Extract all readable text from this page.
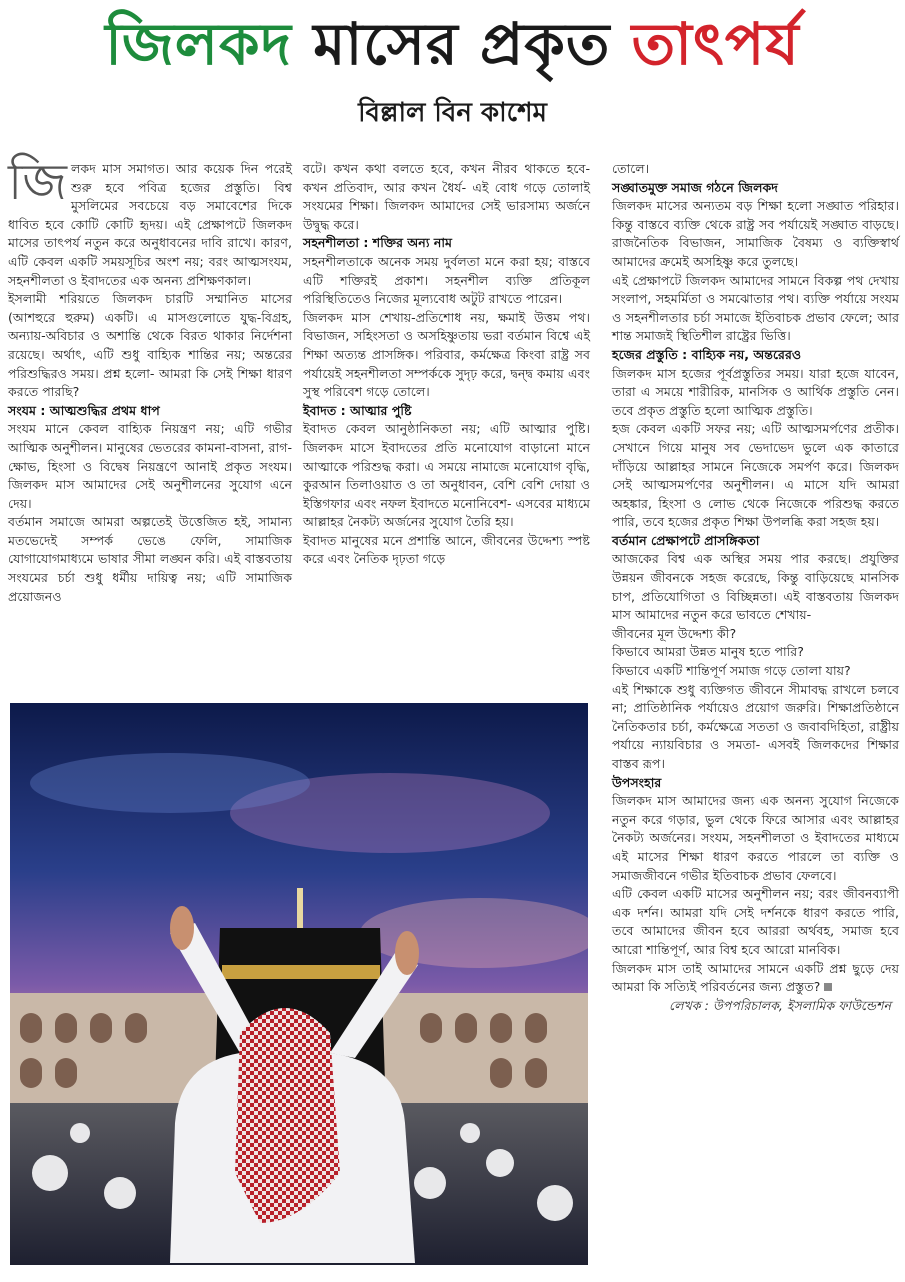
জিলকদ মাসের প্রকৃত তাৎপর্য
বিল্লাল বিন কাশেম

জিলকদ মাস সমাগত। আর কয়েক দিন পরেই শুরু হবে পবিত্র হজের প্রস্তুতি। বিশ্ব মুসলিমের সবচেয়ে বড় সমাবেশের দিকে ধাবিত হবে কোটি কোটি হৃদয়। এই প্রেক্ষাপটে জিলকদ মাসের তাৎপর্য নতুন করে অনুধাবনের দাবি রাখে। কারণ, এটি কেবল একটি সময়সূচির অংশ নয়; বরং আত্মসংযম, সহনশীলতা ও ইবাদতের এক অনন্য প্রশিক্ষণকাল।

ইসলামী শরিয়তে জিলকদ চারটি সম্মানিত মাসের (আশহুরে হুরুম) একটি। এ মাসগুলোতে যুদ্ধ-বিগ্রহ, অন্যায়-অবিচার ও অশান্তি থেকে বিরত থাকার নির্দেশনা রয়েছে। অর্থাৎ, এটি শুধু বাহ্যিক শান্তির নয়; অন্তরের পরিশুদ্ধিরও সময়। প্রশ্ন হলো- আমরা কি সেই শিক্ষা ধারণ করতে পারছি?

সংযম : আত্মশুদ্ধির প্রথম ধাপ

সংযম মানে কেবল বাহ্যিক নিয়ন্ত্রণ নয়; এটি গভীর আত্মিক অনুশীলন। মানুষের ভেতরের কামনা-বাসনা, রাগ-ক্ষোভ, হিংসা ও বিদ্বেষ নিয়ন্ত্রণে আনাই প্রকৃত সংযম। জিলকদ মাস আমাদের সেই অনুশীলনের সুযোগ এনে দেয়।

বর্তমান সমাজে আমরা অল্পতেই উত্তেজিত হই, সামান্য মতভেদেই সম্পর্ক ভেঙে ফেলি, সামাজিক যোগাযোগমাধ্যমে ভাষার সীমা লঙ্ঘন করি। এই বাস্তবতায় সংযমের চর্চা শুধু ধর্মীয় দায়িত্ব নয়; এটি সামাজিক প্রয়োজনও

বটে। কখন কথা বলতে হবে, কখন নীরব থাকতে হবে- কখন প্রতিবাদ, আর কখন ধৈর্য- এই বোধ গড়ে তোলাই সংযমের শিক্ষা। জিলকদ আমাদের সেই ভারসাম্য অর্জনে উদ্বুদ্ধ করে।

সহনশীলতা : শক্তির অন্য নাম

সহনশীলতাকে অনেক সময় দুর্বলতা মনে করা হয়; বাস্তবে এটি শক্তিরই প্রকাশ। সহনশীল ব্যক্তি প্রতিকূল পরিস্থিতিতেও নিজের মূল্যবোধ অটুট রাখতে পারেন।

জিলকদ মাস শেখায়-প্রতিশোধ নয়, ক্ষমাই উত্তম পথ। বিভাজন, সহিংসতা ও অসহিষ্ণুতায় ভরা বর্তমান বিশ্বে এই শিক্ষা অত্যন্ত প্রাসঙ্গিক। পরিবার, কর্মক্ষেত্র কিংবা রাষ্ট্র সব পর্যায়েই সহনশীলতা সম্পর্ককে সুদৃঢ় করে, দ্বন্দ্ব কমায় এবং সুস্থ পরিবেশ গড়ে তোলে।

ইবাদত : আত্মার পুষ্টি

ইবাদত কেবল আনুষ্ঠানিকতা নয়; এটি আত্মার পুষ্টি। জিলকদ মাসে ইবাদতের প্রতি মনোযোগ বাড়ানো মানে আত্মাকে পরিশুদ্ধ করা। এ সময়ে নামাজে মনোযোগ বৃদ্ধি, কুরআন তিলাওয়াত ও তা অনুধাবন, বেশি বেশি দোয়া ও ইস্তিগফার এবং নফল ইবাদতে মনোনিবেশ- এসবের মাধ্যমে আল্লাহর নৈকট্য অর্জনের সুযোগ তৈরি হয়।

ইবাদত মানুষের মনে প্রশান্তি আনে, জীবনের উদ্দেশ্য স্পষ্ট করে এবং নৈতিক দৃঢ়তা গড়ে

তোলে।

সঙ্ঘাতমুক্ত সমাজ গঠনে জিলকদ

জিলকদ মাসের অন্যতম বড় শিক্ষা হলো সঙ্ঘাত পরিহার। কিন্তু বাস্তবে ব্যক্তি থেকে রাষ্ট্র সব পর্যায়েই সঙ্ঘাত বাড়ছে। রাজনৈতিক বিভাজন, সামাজিক বৈষম্য ও ব্যক্তিস্বার্থ আমাদের ক্রমেই অসহিষ্ণু করে তুলছে।

এই প্রেক্ষাপটে জিলকদ আমাদের সামনে বিকল্প পথ দেখায় সংলাপ, সহমর্মিতা ও সমঝোতার পথ। ব্যক্তি পর্যায়ে সংযম ও সহনশীলতার চর্চা সমাজে ইতিবাচক প্রভাব ফেলে; আর শান্ত সমাজই স্থিতিশীল রাষ্ট্রের ভিত্তি।

হজের প্রস্তুতি : বাহ্যিক নয়, অন্তরেরও

জিলকদ মাস হজের পূর্বপ্রস্তুতির সময়। যারা হজে যাবেন, তারা এ সময়ে শারীরিক, মানসিক ও আর্থিক প্রস্তুতি নেন। তবে প্রকৃত প্রস্তুতি হলো আত্মিক প্রস্তুতি।

হজ কেবল একটি সফর নয়; এটি আত্মসমর্পণের প্রতীক। সেখানে গিয়ে মানুষ সব ভেদাভেদ ভুলে এক কাতারে দাঁড়িয়ে আল্লাহর সামনে নিজেকে সমর্পণ করে। জিলকদ সেই আত্মসমর্পণের অনুশীলন। এ মাসে যদি আমরা অহঙ্কার, হিংসা ও লোভ থেকে নিজেকে পরিশুদ্ধ করতে পারি, তবে হজের প্রকৃত শিক্ষা উপলব্ধি করা সহজ হয়।

বর্তমান প্রেক্ষাপটে প্রাসঙ্গিকতা

আজকের বিশ্ব এক অস্থির সময় পার করছে। প্রযুক্তির উন্নয়ন জীবনকে সহজ করেছে, কিন্তু বাড়িয়েছে মানসিক চাপ, প্রতিযোগিতা ও বিচ্ছিন্নতা। এই বাস্তবতায় জিলকদ মাস আমাদের নতুন করে ভাবতে শেখায়-

জীবনের মূল উদ্দেশ্য কী?

কিভাবে আমরা উন্নত মানুষ হতে পারি?

কিভাবে একটি শান্তিপূর্ণ সমাজ গড়ে তোলা যায়?

এই শিক্ষাকে শুধু ব্যক্তিগত জীবনে সীমাবদ্ধ রাখলে চলবে না; প্রাতিষ্ঠানিক পর্যায়েও প্রয়োগ জরুরি। শিক্ষাপ্রতিষ্ঠানে নৈতিকতার চর্চা, কর্মক্ষেত্রে সততা ও জবাবদিহিতা, রাষ্ট্রীয় পর্যায়ে ন্যায়বিচার ও সমতা- এসবই জিলকদের শিক্ষার বাস্তব রূপ।

উপসংহার

জিলকদ মাস আমাদের জন্য এক অনন্য সুযোগ নিজেকে নতুন করে গড়ার, ভুল থেকে ফিরে আসার এবং আল্লাহর নৈকট্য অর্জনের। সংযম, সহনশীলতা ও ইবাদতের মাধ্যমে এই মাসের শিক্ষা ধারণ করতে পারলে তা ব্যক্তি ও সমাজজীবনে গভীর ইতিবাচক প্রভাব ফেলবে।

এটি কেবল একটি মাসের অনুশীলন নয়; বরং জীবনব্যাপী এক দর্শন। আমরা যদি সেই দর্শনকে ধারণ করতে পারি, তবে আমাদের জীবন হবে আররা অর্থবহ, সমাজ হবে আরো শান্তিপূর্ণ, আর বিশ্ব হবে আরো মানবিক।

জিলকদ মাস তাই আমাদের সামনে একটি প্রশ্ন ছুড়ে দেয় আমরা কি সত্যিই পরিবর্তনের জন্য প্রস্তুত?

লেখক : উপপরিচালক, ইসলামিক ফাউন্ডেশন
